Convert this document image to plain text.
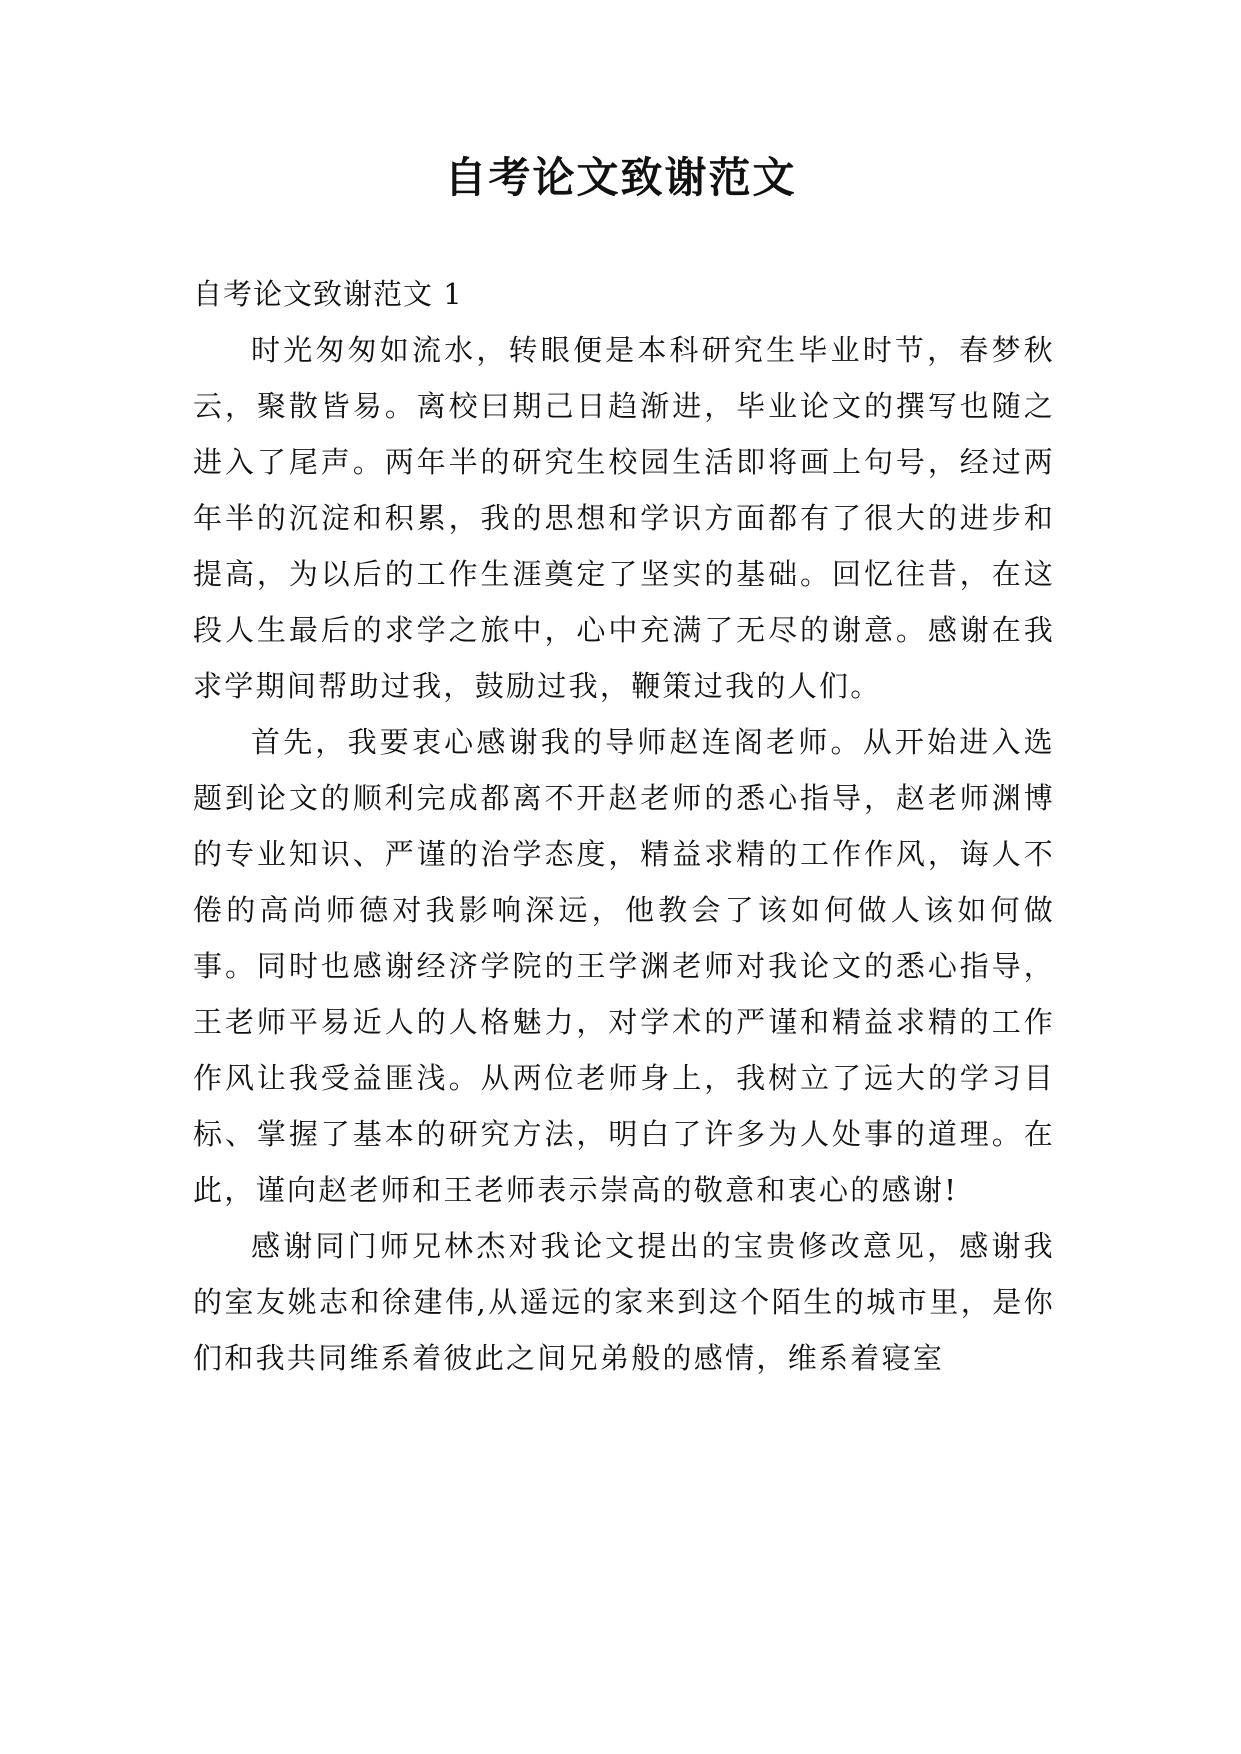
自考论文致谢范文

自考论文致谢范文 1

时光匆匆如流水，转眼便是本科研究生毕业时节，春梦秋云，聚散皆易。离校曰期己日趋渐进，毕业论文的撰写也随之进入了尾声。两年半的研究生校园生活即将画上句号，经过两年半的沉淀和积累，我的思想和学识方面都有了很大的进步和提高，为以后的工作生涯奠定了坚实的基础。回忆往昔，在这段人生最后的求学之旅中，心中充满了无尽的谢意。感谢在我求学期间帮助过我，鼓励过我，鞭策过我的人们。

首先，我要衷心感谢我的导师赵连阁老师。从开始进入选题到论文的顺利完成都离不开赵老师的悉心指导，赵老师渊博的专业知识、严谨的治学态度，精益求精的工作作风，诲人不倦的高尚师德对我影响深远，他教会了该如何做人该如何做事。同时也感谢经济学院的王学渊老师对我论文的悉心指导，王老师平易近人的人格魅力，对学术的严谨和精益求精的工作作风让我受益匪浅。从两位老师身上，我树立了远大的学习目标、掌握了基本的研究方法，明白了许多为人处事的道理。在此，谨向赵老师和王老师表示崇高的敬意和衷心的感谢!

感谢同门师兄林杰对我论文提出的宝贵修改意见，感谢我的室友姚志和徐建伟,从遥远的家来到这个陌生的城市里，是你们和我共同维系着彼此之间兄弟般的感情，维系着寝室
